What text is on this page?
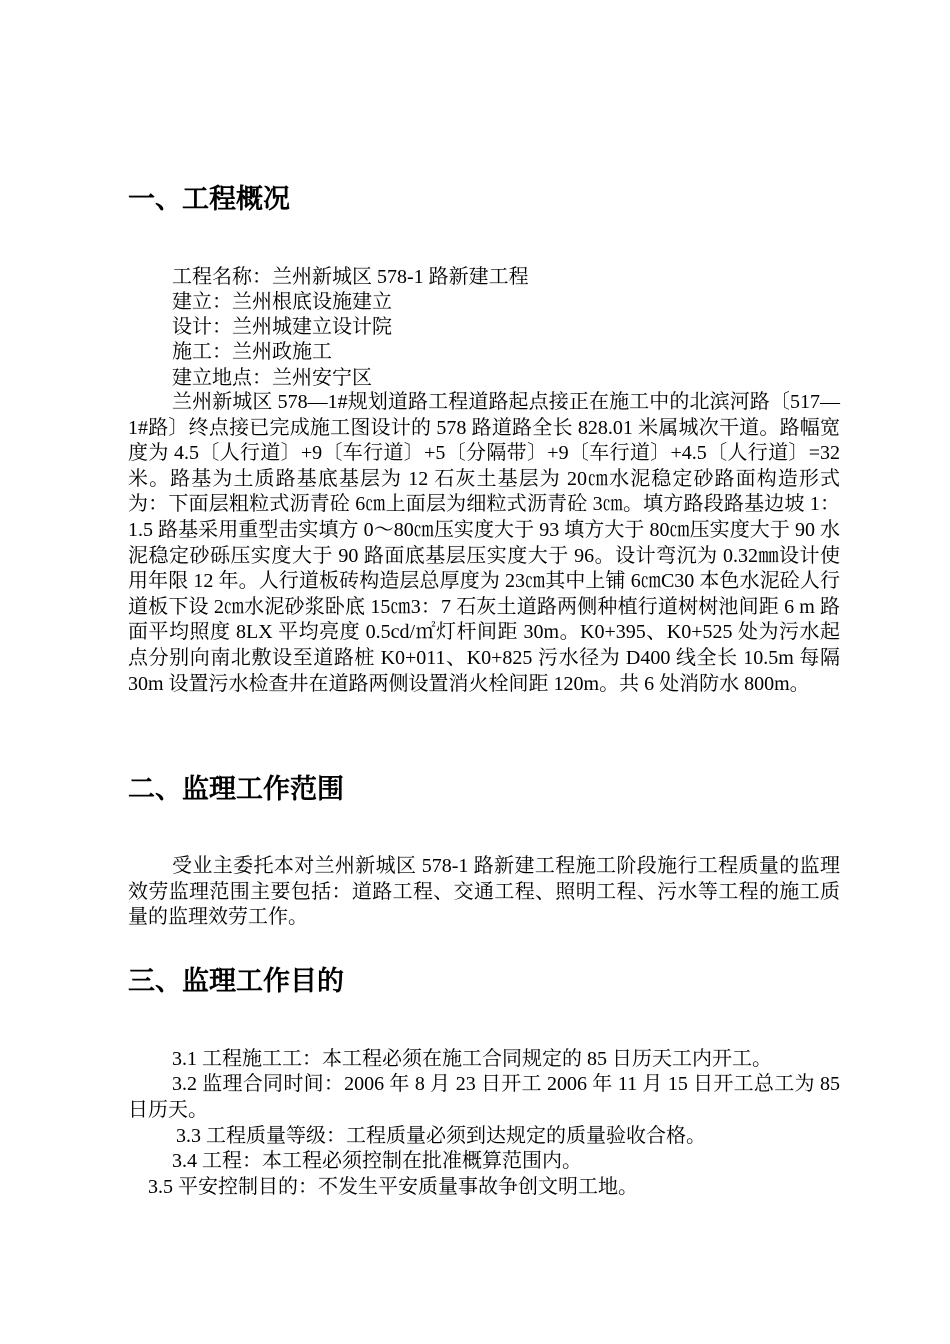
一、工程概况

工程名称：兰州新城区 578-1 路新建工程

建立：兰州根底设施建立

设计：兰州城建立设计院

施工：兰州政施工

建立地点：兰州安宁区

兰州新城区 578—1#规划道路工程道路起点接正在施工中的北滨河路〔517—1#路〕终点接已完成施工图设计的 578 路道路全长 828.01 米属城次干道。路幅宽度为 4.5〔人行道〕+9〔车行道〕+5〔分隔带〕+9〔车行道〕+4.5〔人行道〕=32 米。路基为土质路基底基层为 12 石灰土基层为 20㎝水泥稳定砂路面构造形式为：下面层粗粒式沥青砼 6㎝上面层为细粒式沥青砼 3㎝。填方路段路基边坡 1：1.5 路基采用重型击实填方 0～80㎝压实度大于 93 填方大于 80㎝压实度大于 90 水泥稳定砂砾压实度大于 90 路面底基层压实度大于 96。设计弯沉为 0.32㎜设计使用年限 12 年。人行道板砖构造层总厚度为 23㎝其中上铺 6㎝C30 本色水泥砼人行道板下设 2㎝水泥砂浆卧底 15㎝3：7 石灰土道路两侧种植行道树树池间距 6 m 路面平均照度 8LX 平均亮度 0.5cd/㎡灯杆间距 30m。K0+395、K0+525 处为污水起点分别向南北敷设至道路桩 K0+011、K0+825 污水径为 D400 线全长 10.5m 每隔 30m 设置污水检查井在道路两侧设置消火栓间距 120m。共 6 处消防水 800m。

二、监理工作范围

受业主委托本对兰州新城区 578-1 路新建工程施工阶段施行工程质量的监理效劳监理范围主要包括：道路工程、交通工程、照明工程、污水等工程的施工质量的监理效劳工作。

三、监理工作目的

3.1 工程施工工：本工程必须在施工合同规定的 85 日历天工内开工。

3.2 监理合同时间：2006 年 8 月 23 日开工 2006 年 11 月 15 日开工总工为 85 日历天。

3.3 工程质量等级：工程质量必须到达规定的质量验收合格。

3.4 工程：本工程必须控制在批准概算范围内。

3.5 平安控制目的：不发生平安质量事故争创文明工地。
